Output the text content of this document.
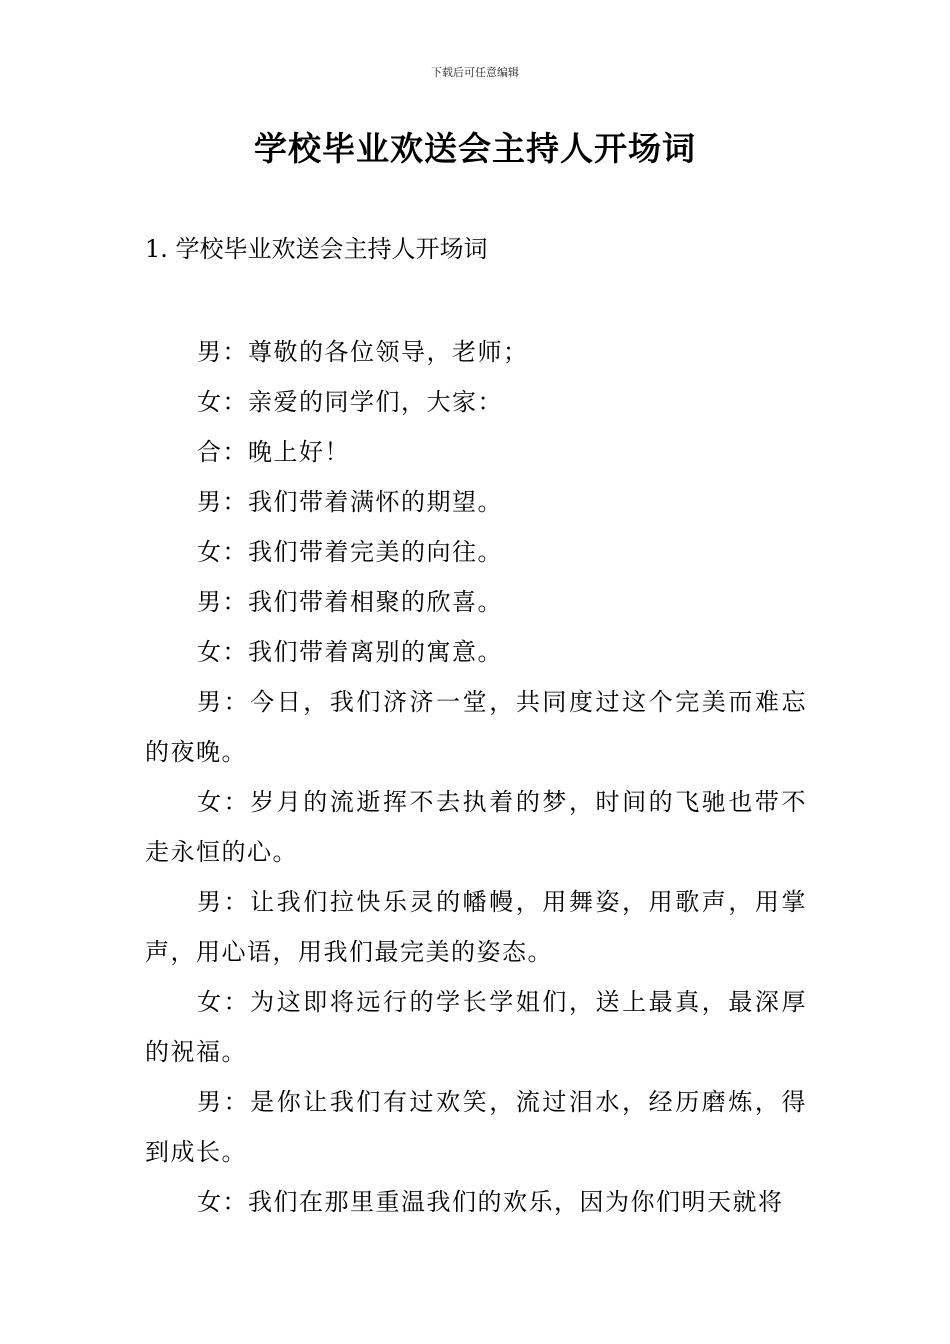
下载后可任意编辑
学校毕业欢送会主持人开场词
1. 学校毕业欢送会主持人开场词

男：尊敬的各位领导，老师；

女：亲爱的同学们，大家：

合：晚上好！

男：我们带着满怀的期望。

女：我们带着完美的向往。

男：我们带着相聚的欣喜。

女：我们带着离别的寓意。

男：今日，我们济济一堂，共同度过这个完美而难忘的夜晚。

女：岁月的流逝挥不去执着的梦，时间的飞驰也带不走永恒的心。

男：让我们拉快乐灵的幡幔，用舞姿，用歌声，用掌声，用心语，用我们最完美的姿态。

女：为这即将远行的学长学姐们，送上最真，最深厚的祝福。

男：是你让我们有过欢笑，流过泪水，经历磨炼，得到成长。

女：我们在那里重温我们的欢乐，因为你们明天就将
